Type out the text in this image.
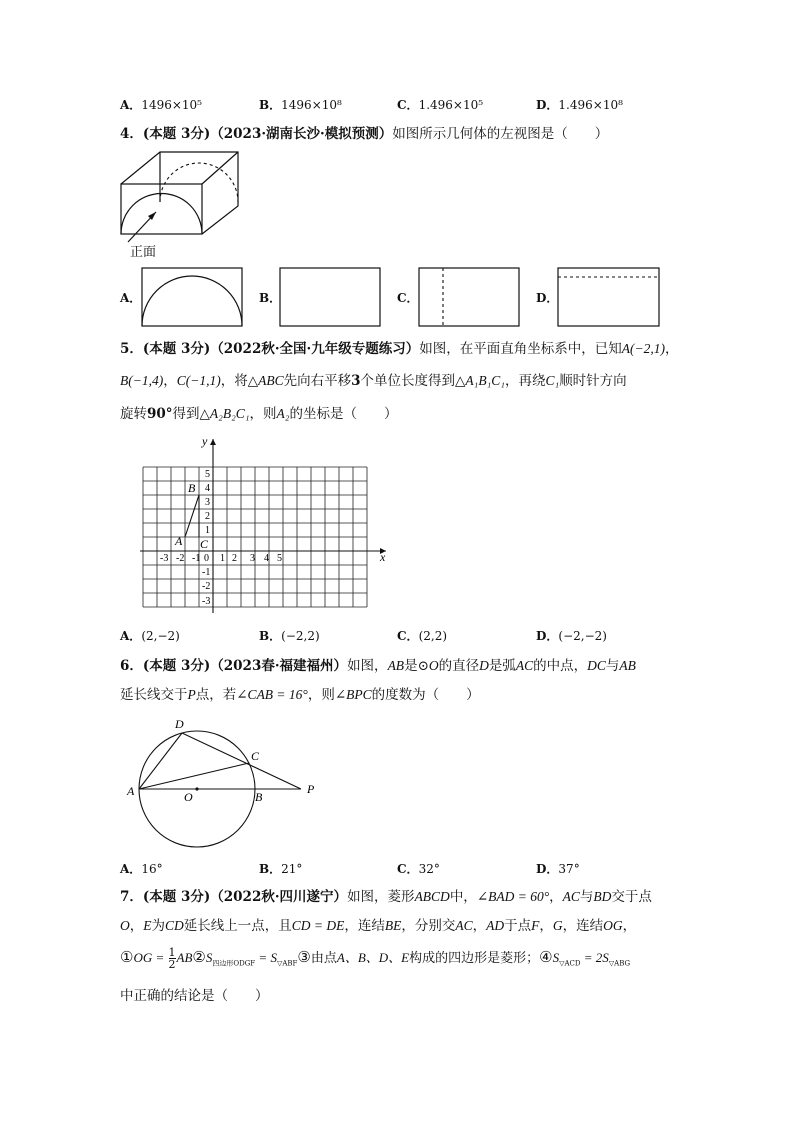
A．1496×10⁵	B．1496×10⁸	C．1.496×10⁵	D．1.496×10⁸
4．(本题 3分)（2023·湖南长沙·模拟预测）如图所示几何体的左视图是（　　）
正面
A．	B．	C．	D．
5．(本题 3分)（2022秋·全国·九年级专题练习）如图，在平面直角坐标系中，已知A(−2,1)，
B(−1,4)，C(−1,1)，将△ABC先向右平移3个单位长度得到△A₁B₁C₁，再绕C₁顺时针方向
旋转90°得到△A₂B₂C₁，则A₂的坐标是（　　）
x
y
-3 -2 -1 0 1 2 3 4 5
5
4
3
2
1
-1
-2
-3
B
A C
A．(2,−2)	B．(−2,2)	C．(2,2)	D．(−2,−2)
6．(本题 3分)（2023春·福建福州）如图，AB是⊙O的直径D是弧AC的中点，DC与AB
延长线交于P点，若∠CAB = 16°，则∠BPC的度数为（　　）
D
C
A	O	B
P
A．16°	B．21°	C．32°	D．37°
7．(本题 3分)（2022秋·四川遂宁）如图，菱形ABCD中，∠BAD = 60°，AC与BD交于点
O，E为CD延长线上一点，且CD = DE，连结BE，分别交AC，AD于点F，G，连结OG，
①OG = $\frac{1}{2}$ $AB②S_{四边形ODGF}$ = $S_{▽ABF}③$由点A、B、D、E构成的四边形是菱形；$④S_{▽ACD} = 2S_{▽ABG}$
中正确的结论是（　　）
